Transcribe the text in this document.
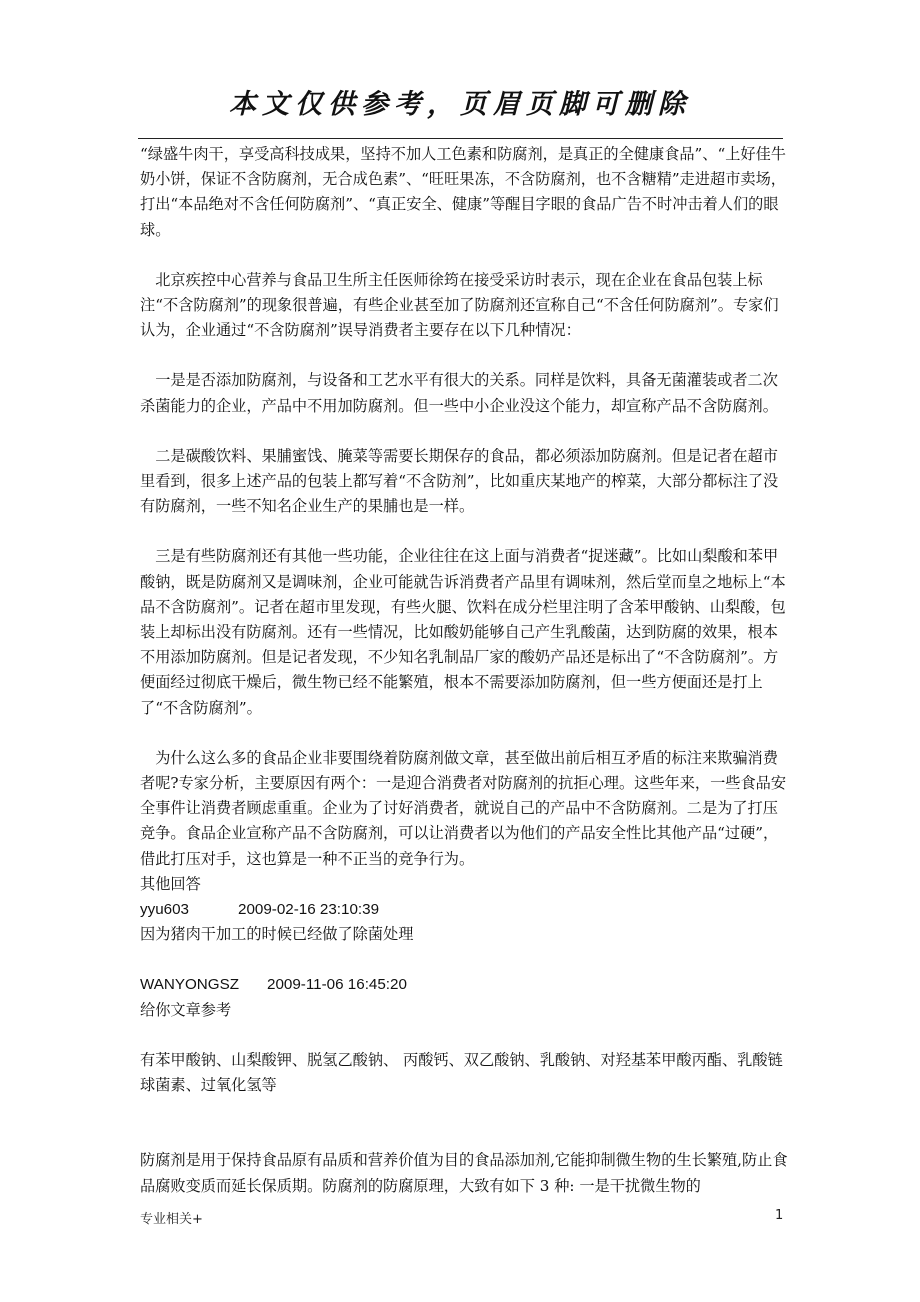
本文仅供参考，页眉页脚可删除

“绿盛牛肉干，享受高科技成果，坚持不加人工色素和防腐剂，是真正的全健康食品”、“上好佳牛奶小饼，保证不含防腐剂，无合成色素”、“旺旺果冻，不含防腐剂，也不含糖精”走进超市卖场，打出“本品绝对不含任何防腐剂”、“真正安全、健康”等醒目字眼的食品广告不时冲击着人们的眼球。

　北京疾控中心营养与食品卫生所主任医师徐筠在接受采访时表示，现在企业在食品包装上标注“不含防腐剂”的现象很普遍，有些企业甚至加了防腐剂还宣称自己“不含任何防腐剂”。专家们认为，企业通过“不含防腐剂”误导消费者主要存在以下几种情况：

　一是是否添加防腐剂，与设备和工艺水平有很大的关系。同样是饮料，具备无菌灌装或者二次杀菌能力的企业，产品中不用加防腐剂。但一些中小企业没这个能力，却宣称产品不含防腐剂。

　二是碳酸饮料、果脯蜜饯、腌菜等需要长期保存的食品，都必须添加防腐剂。但是记者在超市里看到，很多上述产品的包装上都写着“不含防剂”，比如重庆某地产的榨菜，大部分都标注了没有防腐剂，一些不知名企业生产的果脯也是一样。

　三是有些防腐剂还有其他一些功能，企业往往在这上面与消费者“捉迷藏”。比如山梨酸和苯甲酸钠，既是防腐剂又是调味剂，企业可能就告诉消费者产品里有调味剂，然后堂而皇之地标上“本品不含防腐剂”。记者在超市里发现，有些火腿、饮料在成分栏里注明了含苯甲酸钠、山梨酸，包装上却标出没有防腐剂。还有一些情况，比如酸奶能够自己产生乳酸菌，达到防腐的效果，根本不用添加防腐剂。但是记者发现，不少知名乳制品厂家的酸奶产品还是标出了“不含防腐剂”。方便面经过彻底干燥后，微生物已经不能繁殖，根本不需要添加防腐剂，但一些方便面还是打上了“不含防腐剂”。

　为什么这么多的食品企业非要围绕着防腐剂做文章，甚至做出前后相互矛盾的标注来欺骗消费者呢?专家分析，主要原因有两个：一是迎合消费者对防腐剂的抗拒心理。这些年来，一些食品安全事件让消费者顾虑重重。企业为了讨好消费者，就说自己的产品中不含防腐剂。二是为了打压竞争。食品企业宣称产品不含防腐剂，可以让消费者以为他们的产品安全性比其他产品“过硬”，借此打压对手，这也算是一种不正当的竞争行为。

其他回答

yyu603	2009-02-16 23:10:39

因为猪肉干加工的时候已经做了除菌处理

WANYONGSZ 2009-11-06 16:45:20

给你文章参考

有苯甲酸钠、山梨酸钾、脱氢乙酸钠、 丙酸钙、双乙酸钠、乳酸钠、对羟基苯甲酸丙酯、乳酸链球菌素、过氧化氢等

防腐剂是用于保持食品原有品质和营养价值为目的食品添加剂,它能抑制微生物的生长繁殖,防止食品腐败变质而延长保质期。防腐剂的防腐原理，大致有如下 3 种: 一是干扰微生物的

专业相关+	1
